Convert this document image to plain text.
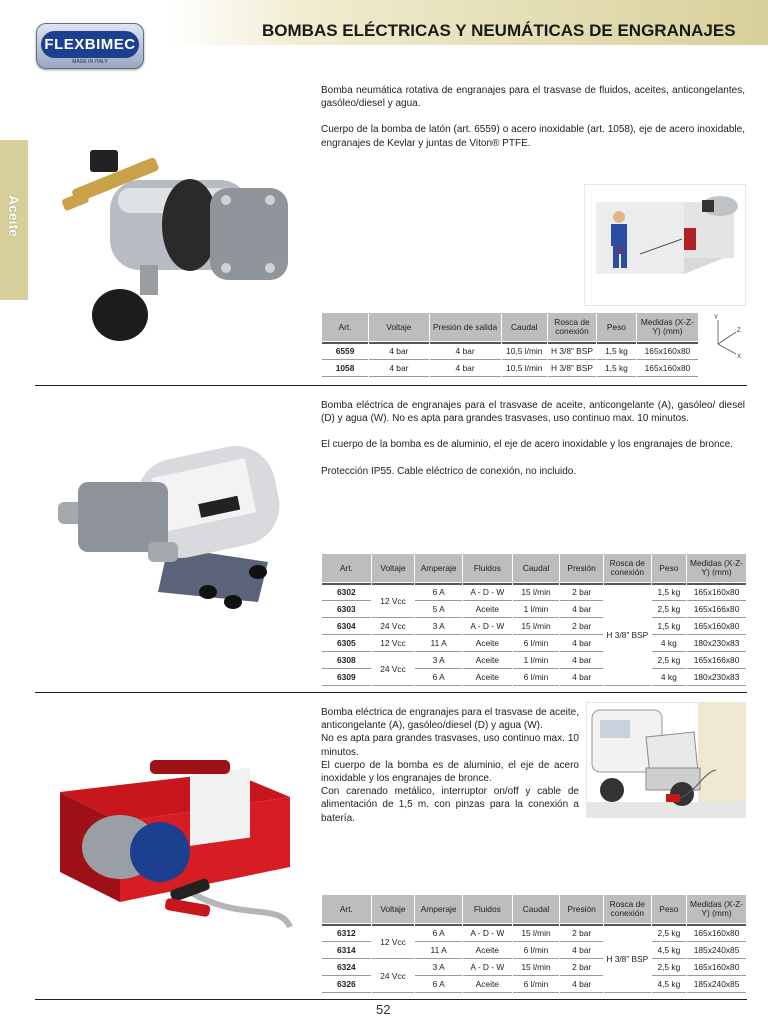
FLEXBIMEC
MADE IN ITALY
BOMBAS ELÉCTRICAS Y NEUMÁTICAS DE ENGRANAJES
Aceite

Bomba neumática rotativa de engranajes para el trasvase de fluidos, aceites, anticongelantes, gasóleo/diesel y agua.

Cuerpo de la bomba de latón (art. 6559) o acero inoxidable (art. 1058), eje de acero inoxidable, engranajes de Kevlar y juntas de Viton® PTFE.

Art.	Voltaje	Presión de salida	Caudal	Rosca de conexión	Peso	Medidas (X-Z-Y) (mm)
6559	4 bar	4 bar	10,5 l/min	H 3/8” BSP	1,5 kg	165x160x80
1058	4 bar	4 bar	10,5 l/min	H 3/8” BSP	1,5 kg	165x160x80
Y
Z
X

Bomba eléctrica de engranajes para el trasvase de aceite, anticongelante (A), gasóleo/ diesel (D) y agua (W). No es apta para grandes trasvases, uso continuo max. 10 minutos.

El cuerpo de la bomba es de aluminio, el eje de acero inoxidable y los engranajes de bronce.

Protección IP55. Cable eléctrico de conexión, no incluido.

Art.	Voltaje	Amperaje	Fluidos	Caudal	Presión	Rosca de conexión	Peso	Medidas (X-Z-Y) (mm)
6302	12 Vcc	6 A	A - D - W	15 l/min	2 bar	H 3/8” BSP	1,5 kg	165x160x80
6303		5 A	Aceite	1 l/min	4 bar		2,5 kg	165x166x80
6304	24 Vcc	3 A	A - D - W	15 l/min	2 bar		1,5 kg	165x160x80
6305	12 Vcc	11 A	Aceite	6 l/min	4 bar		4 kg	180x230x83
6308	24 Vcc	3 A	Aceite	1 l/min	4 bar		2,5 kg	165x166x80
6309		6 A	Aceite	6 l/min	4 bar		4 kg	180x230x83

Bomba eléctrica de engranajes para el trasvase de aceite, anticongelante (A), gasóleo/diesel (D) y agua (W).

No es apta para grandes trasvases, uso continuo max. 10 minutos.

El cuerpo de la bomba es de aluminio, el eje de acero inoxidable y los engranajes de bronce.

Con carenado metálico, interruptor on/off y cable de alimentación de 1,5 m. con pinzas para la conexión a batería.

Art.	Voltaje	Amperaje	Fluidos	Caudal	Presión	Rosca de conexión	Peso	Medidas (X-Z-Y) (mm)
6312	12 Vcc	6 A	A - D - W	15 l/min	2 bar	H 3/8” BSP	2,5 kg	165x160x80
6314		11 A	Aceite	6 l/min	4 bar		4,5 kg	185x240x85
6324	24 Vcc	3 A	A - D - W	15 l/min	2 bar		2,5 kg	165x160x80
6326		6 A	Aceite	6 l/min	4 bar		4,5 kg	185x240x85
52
